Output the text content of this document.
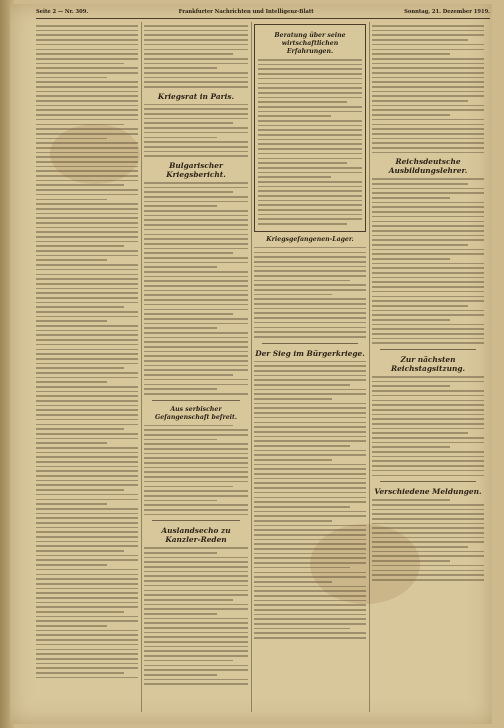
Seite 2 — Nr. 309.	Frankfurter Nachrichten und Intelligenz-Blatt	Sonntag, 21. Dezember 1919.
Kriegsrat in Paris.
Bulgarischer Kriegsbericht.
Aus serbischer Gefangenschaft befreit.
Auslandsecho zu Kanzler-Reden
Beratung über seine wirtschaftlichen Erfahrungen.
Kriegsgefangenen-Lager.
Der Sieg im Bürgerkriege.
Reichsdeutsche Ausbildungslehrer.
Zur nächsten Reichstagsitzung.
Verschiedene Meldungen.
